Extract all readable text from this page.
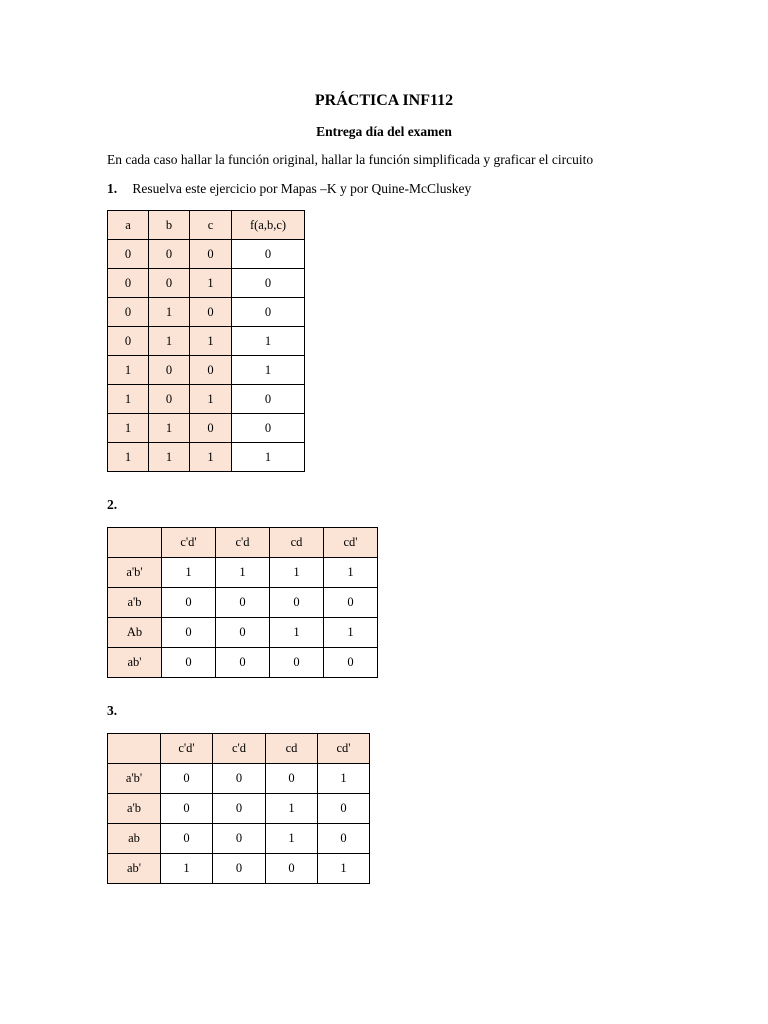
PRÁCTICA INF112
Entrega día del examen
En cada caso hallar la función original, hallar la función simplificada y graficar el circuito
1. Resuelva este ejercicio por Mapas –K y por Quine-McCluskey
a	b	c	f(a,b,c)
0	0	0	0
0	0	1	0
0	1	0	0
0	1	1	1
1	0	0	1
1	0	1	0
1	1	0	0
1	1	1	1
2.
	c'd'	c'd	cd	cd'
a'b'	1	1	1	1
a'b	0	0	0	0
Ab	0	0	1	1
ab'	0	0	0	0
3.
	c'd'	c'd	cd	cd'
a'b'	0	0	0	1
a'b	0	0	1	0
ab	0	0	1	0
ab'	1	0	0	1
